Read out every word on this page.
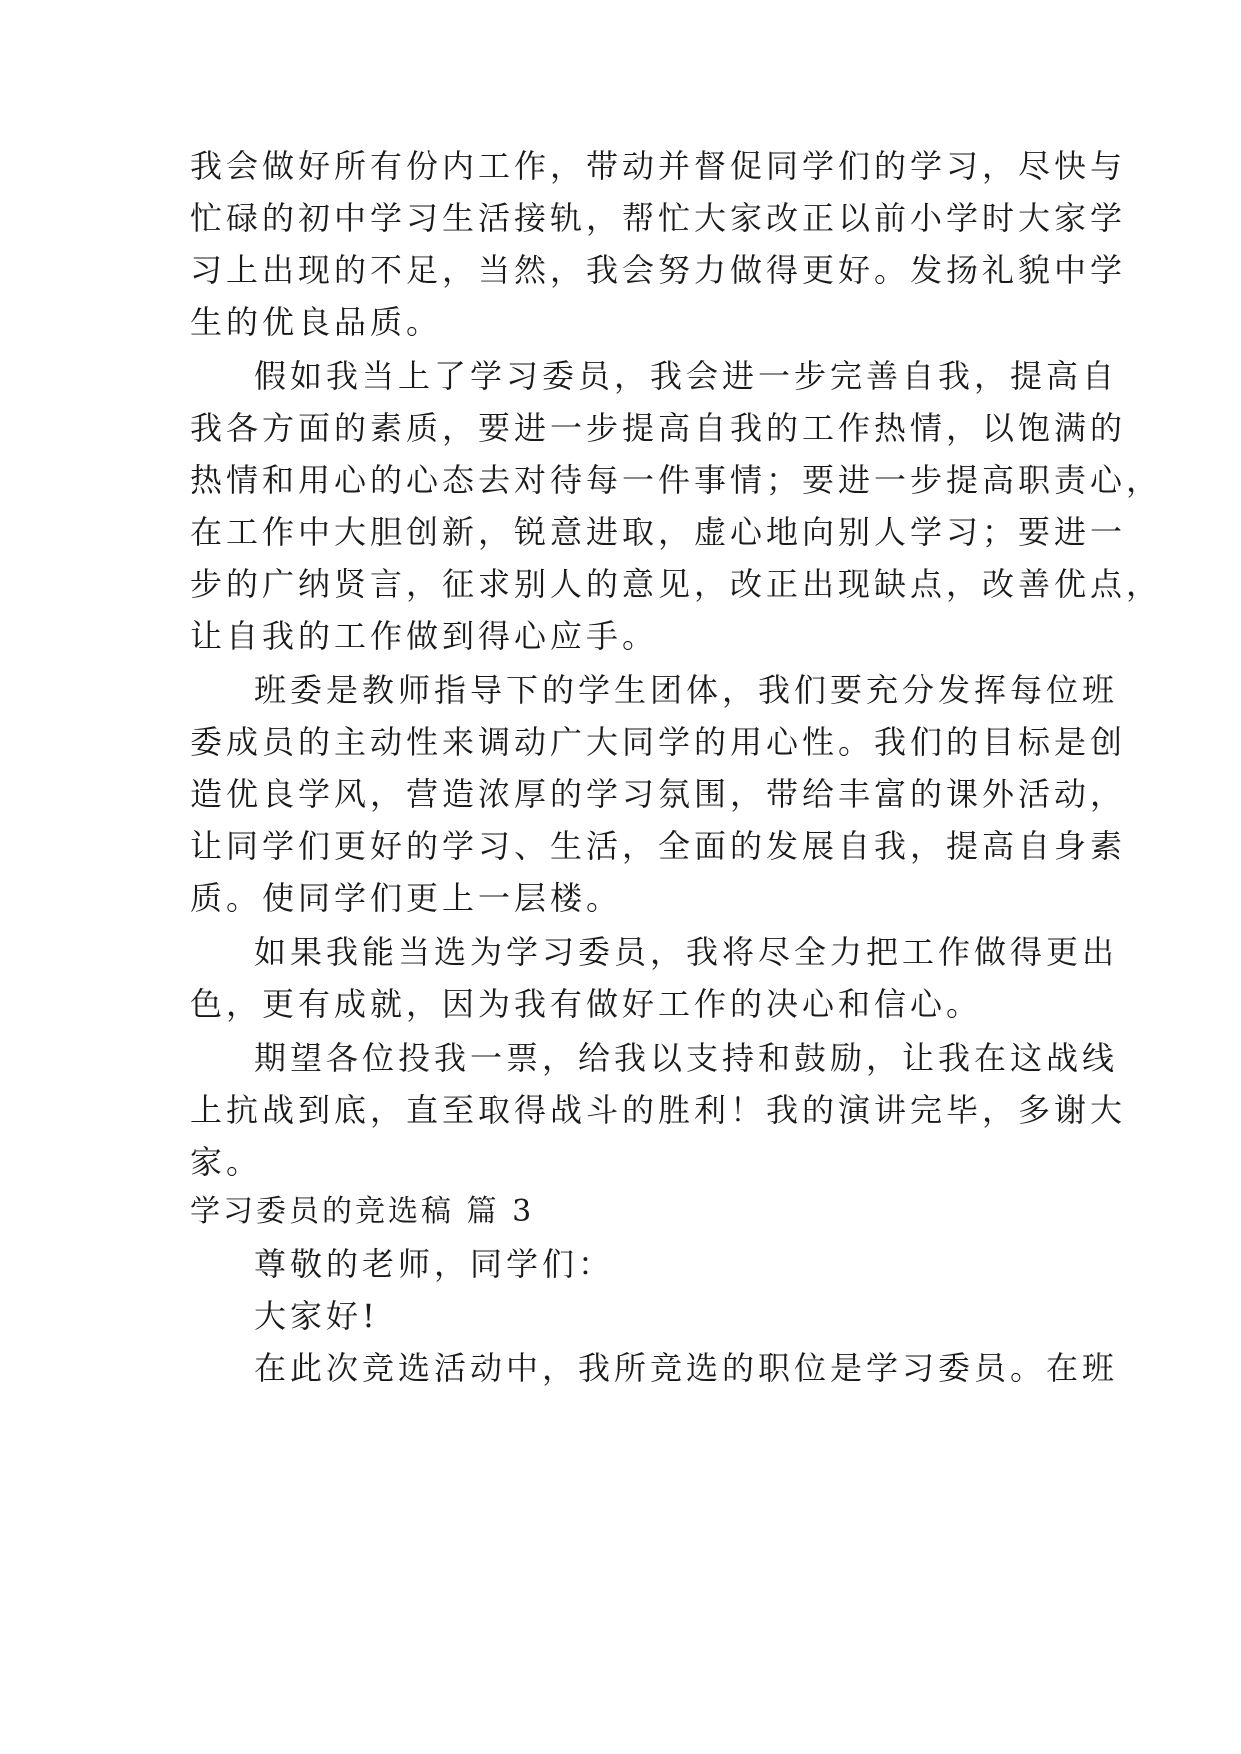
我会做好所有份内工作，带动并督促同学们的学习，尽快与
忙碌的初中学习生活接轨，帮忙大家改正以前小学时大家学
习上出现的不足，当然，我会努力做得更好。发扬礼貌中学
生的优良品质。
假如我当上了学习委员，我会进一步完善自我，提高自
我各方面的素质，要进一步提高自我的工作热情，以饱满的
热情和用心的心态去对待每一件事情；要进一步提高职责心，
在工作中大胆创新，锐意进取，虚心地向别人学习；要进一
步的广纳贤言，征求别人的意见，改正出现缺点，改善优点，
让自我的工作做到得心应手。
班委是教师指导下的学生团体，我们要充分发挥每位班
委成员的主动性来调动广大同学的用心性。我们的目标是创
造优良学风，营造浓厚的学习氛围，带给丰富的课外活动，
让同学们更好的学习、生活，全面的发展自我，提高自身素
质。使同学们更上一层楼。
如果我能当选为学习委员，我将尽全力把工作做得更出
色，更有成就，因为我有做好工作的决心和信心。
期望各位投我一票，给我以支持和鼓励，让我在这战线
上抗战到底，直至取得战斗的胜利！我的演讲完毕，多谢大
家。
学习委员的竞选稿 篇 3
尊敬的老师，同学们：
大家好!
在此次竞选活动中，我所竞选的职位是学习委员。在班
